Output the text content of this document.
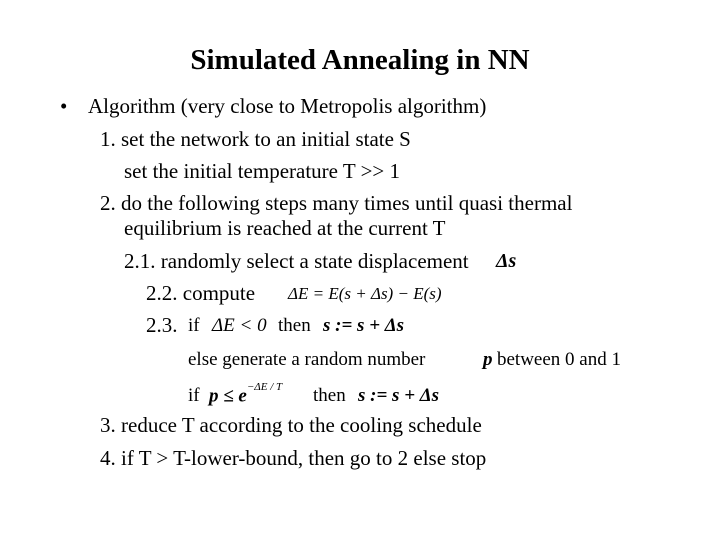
Simulated Annealing in NN
• Algorithm (very close to Metropolis algorithm)
1. set the network to an initial state S
set the initial temperature T >> 1
2. do the following steps many times until quasi thermal
equilibrium is reached at the current T
2.1. randomly select a state displacement Δs
2.2. compute ΔE = E(s + Δs) − E(s)
2.3. if ΔE < 0 then s := s + Δs
else generate a random number	p between 0 and 1
if $p \le e^{-\Delta E / T}$ then s := s + Δs
3. reduce T according to the cooling schedule
4. if T > T-lower-bound, then go to 2 else stop
